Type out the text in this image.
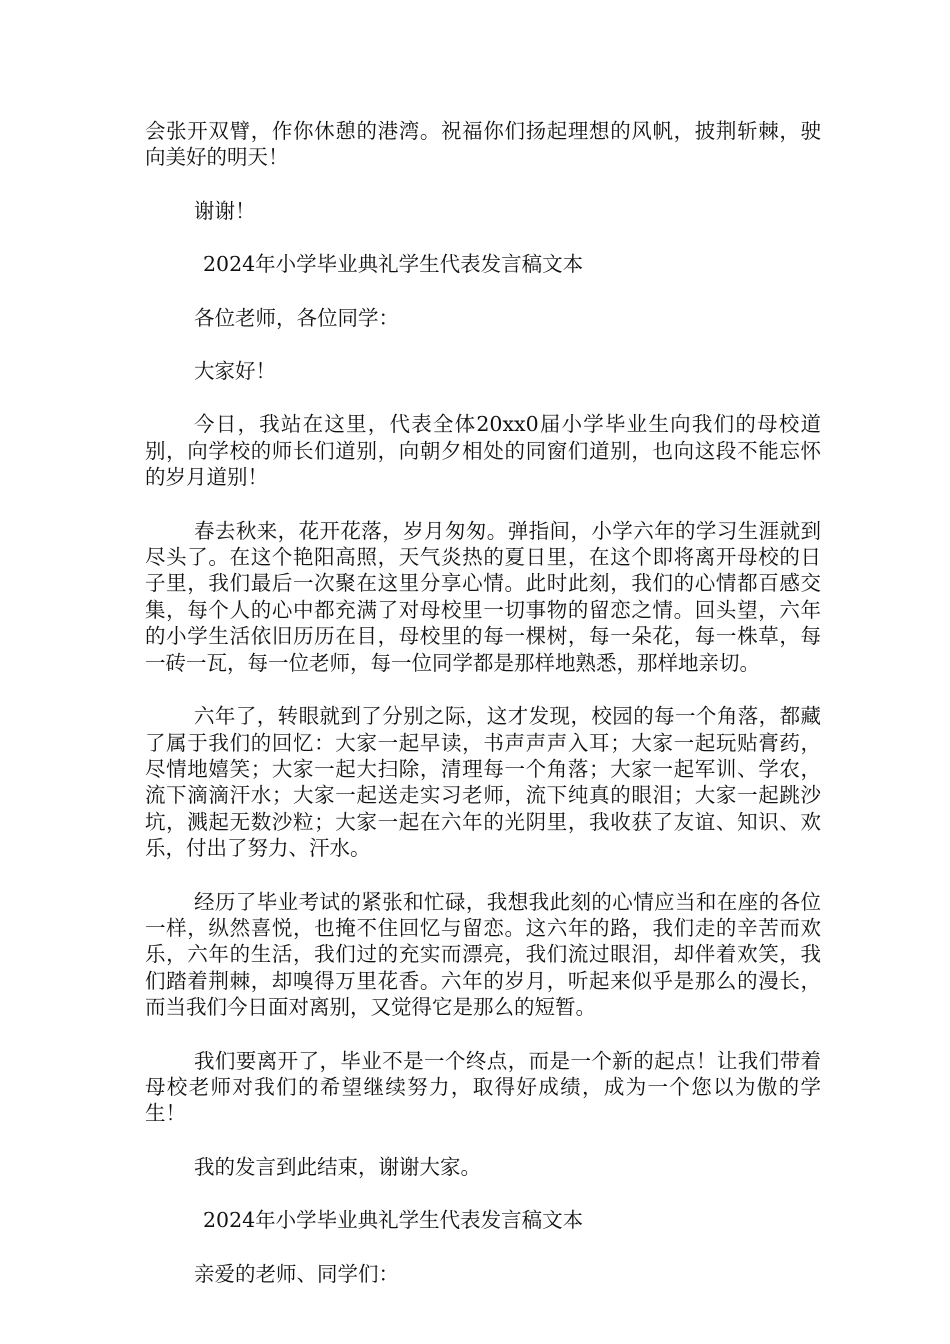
会张开双臂，作你休憩的港湾。祝福你们扬起理想的风帆，披荆斩棘，驶向美好的明天！

谢谢！

2024年小学毕业典礼学生代表发言稿文本

各位老师，各位同学：

大家好！

今日，我站在这里，代表全体20xx0届小学毕业生向我们的母校道别，向学校的师长们道别，向朝夕相处的同窗们道别，也向这段不能忘怀的岁月道别！

春去秋来，花开花落，岁月匆匆。弹指间，小学六年的学习生涯就到尽头了。在这个艳阳高照，天气炎热的夏日里，在这个即将离开母校的日子里，我们最后一次聚在这里分享心情。此时此刻，我们的心情都百感交集，每个人的心中都充满了对母校里一切事物的留恋之情。回头望，六年的小学生活依旧历历在目，母校里的每一棵树，每一朵花，每一株草，每一砖一瓦，每一位老师，每一位同学都是那样地熟悉，那样地亲切。

六年了，转眼就到了分别之际，这才发现，校园的每一个角落，都藏了属于我们的回忆：大家一起早读，书声声声入耳；大家一起玩贴膏药，尽情地嬉笑；大家一起大扫除，清理每一个角落；大家一起军训、学农，流下滴滴汗水；大家一起送走实习老师，流下纯真的眼泪；大家一起跳沙坑，溅起无数沙粒；大家一起在六年的光阴里，我收获了友谊、知识、欢乐，付出了努力、汗水。

经历了毕业考试的紧张和忙碌，我想我此刻的心情应当和在座的各位一样，纵然喜悦，也掩不住回忆与留恋。这六年的路，我们走的辛苦而欢乐，六年的生活，我们过的充实而漂亮，我们流过眼泪，却伴着欢笑，我们踏着荆棘，却嗅得万里花香。六年的岁月，听起来似乎是那么的漫长，而当我们今日面对离别，又觉得它是那么的短暂。

我们要离开了，毕业不是一个终点，而是一个新的起点！让我们带着母校老师对我们的希望继续努力，取得好成绩，成为一个您以为傲的学生！

我的发言到此结束，谢谢大家。

2024年小学毕业典礼学生代表发言稿文本

亲爱的老师、同学们：
